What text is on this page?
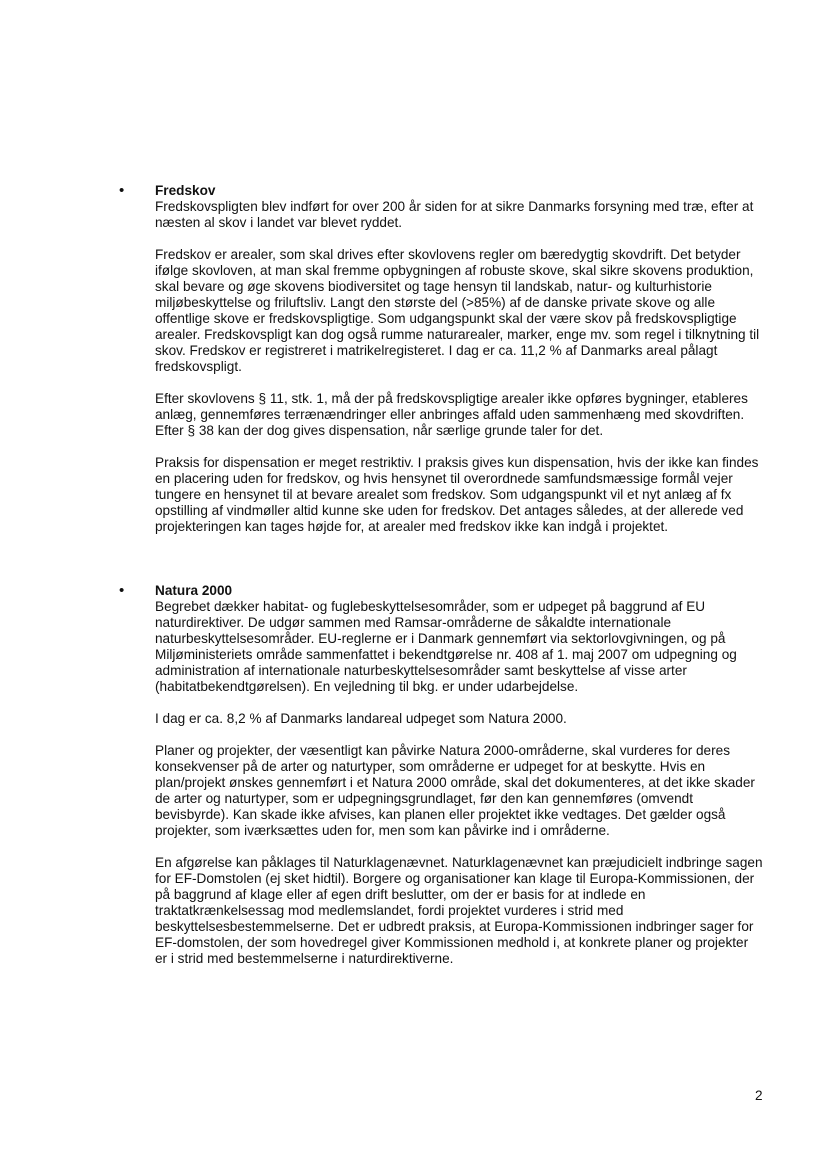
• Fredskov

Fredskovspligten blev indført for over 200 år siden for at sikre Danmarks forsyning med træ, efter at næsten al skov i landet var blevet ryddet.

Fredskov er arealer, som skal drives efter skovlovens regler om bæredygtig skovdrift. Det betyder ifølge skovloven, at man skal fremme opbygningen af robuste skove, skal sikre skovens produktion, skal bevare og øge skovens biodiversitet og tage hensyn til landskab, natur- og kulturhistorie miljøbeskyttelse og friluftsliv. Langt den største del (>85%) af de danske private skove og alle offentlige skove er fredskovspligtige. Som udgangspunkt skal der være skov på fredskovspligtige arealer. Fredskovspligt kan dog også rumme naturarealer, marker, enge mv. som regel i tilknytning til skov. Fredskov er registreret i matrikelregisteret. I dag er ca. 11,2 % af Danmarks areal pålagt fredskovspligt.

Efter skovlovens § 11, stk. 1, må der på fredskovspligtige arealer ikke opføres bygninger, etableres anlæg, gennemføres terrænændringer eller anbringes affald uden sammenhæng med skovdriften. Efter § 38 kan der dog gives dispensation, når særlige grunde taler for det.

Praksis for dispensation er meget restriktiv. I praksis gives kun dispensation, hvis der ikke kan findes en placering uden for fredskov, og hvis hensynet til overordnede samfundsmæssige formål vejer tungere en hensynet til at bevare arealet som fredskov. Som udgangspunkt vil et nyt anlæg af fx opstilling af vindmøller altid kunne ske uden for fredskov. Det antages således, at der allerede ved projekteringen kan tages højde for, at arealer med fredskov ikke kan indgå i projektet.

• Natura 2000

Begrebet dækker habitat- og fuglebeskyttelsesområder, som er udpeget på baggrund af EU naturdirektiver. De udgør sammen med Ramsar-områderne de såkaldte internationale naturbeskyttelsesområder. EU-reglerne er i Danmark gennemført via sektorlovgivningen, og på Miljøministeriets område sammenfattet i bekendtgørelse nr. 408 af 1. maj 2007 om udpegning og administration af internationale naturbeskyttelsesområder samt beskyttelse af visse arter (habitatbekendtgørelsen). En vejledning til bkg. er under udarbejdelse.

I dag er ca. 8,2 % af Danmarks landareal udpeget som Natura 2000.

Planer og projekter, der væsentligt kan påvirke Natura 2000-områderne, skal vurderes for deres konsekvenser på de arter og naturtyper, som områderne er udpeget for at beskytte. Hvis en plan/projekt ønskes gennemført i et Natura 2000 område, skal det dokumenteres, at det ikke skader de arter og naturtyper, som er udpegningsgrundlaget, før den kan gennemføres (omvendt bevisbyrde). Kan skade ikke afvises, kan planen eller projektet ikke vedtages. Det gælder også projekter, som iværksættes uden for, men som kan påvirke ind i områderne.

En afgørelse kan påklages til Naturklagenævnet. Naturklagenævnet kan præjudicielt indbringe sagen for EF-Domstolen (ej sket hidtil). Borgere og organisationer kan klage til Europa-Kommissionen, der på baggrund af klage eller af egen drift beslutter, om der er basis for at indlede en traktatkrænkelsessag mod medlemslandet, fordi projektet vurderes i strid med beskyttelsesbestemmelserne. Det er udbredt praksis, at Europa-Kommissionen indbringer sager for EF-domstolen, der som hovedregel giver Kommissionen medhold i, at konkrete planer og projekter er i strid med bestemmelserne i naturdirektiverne.

2
